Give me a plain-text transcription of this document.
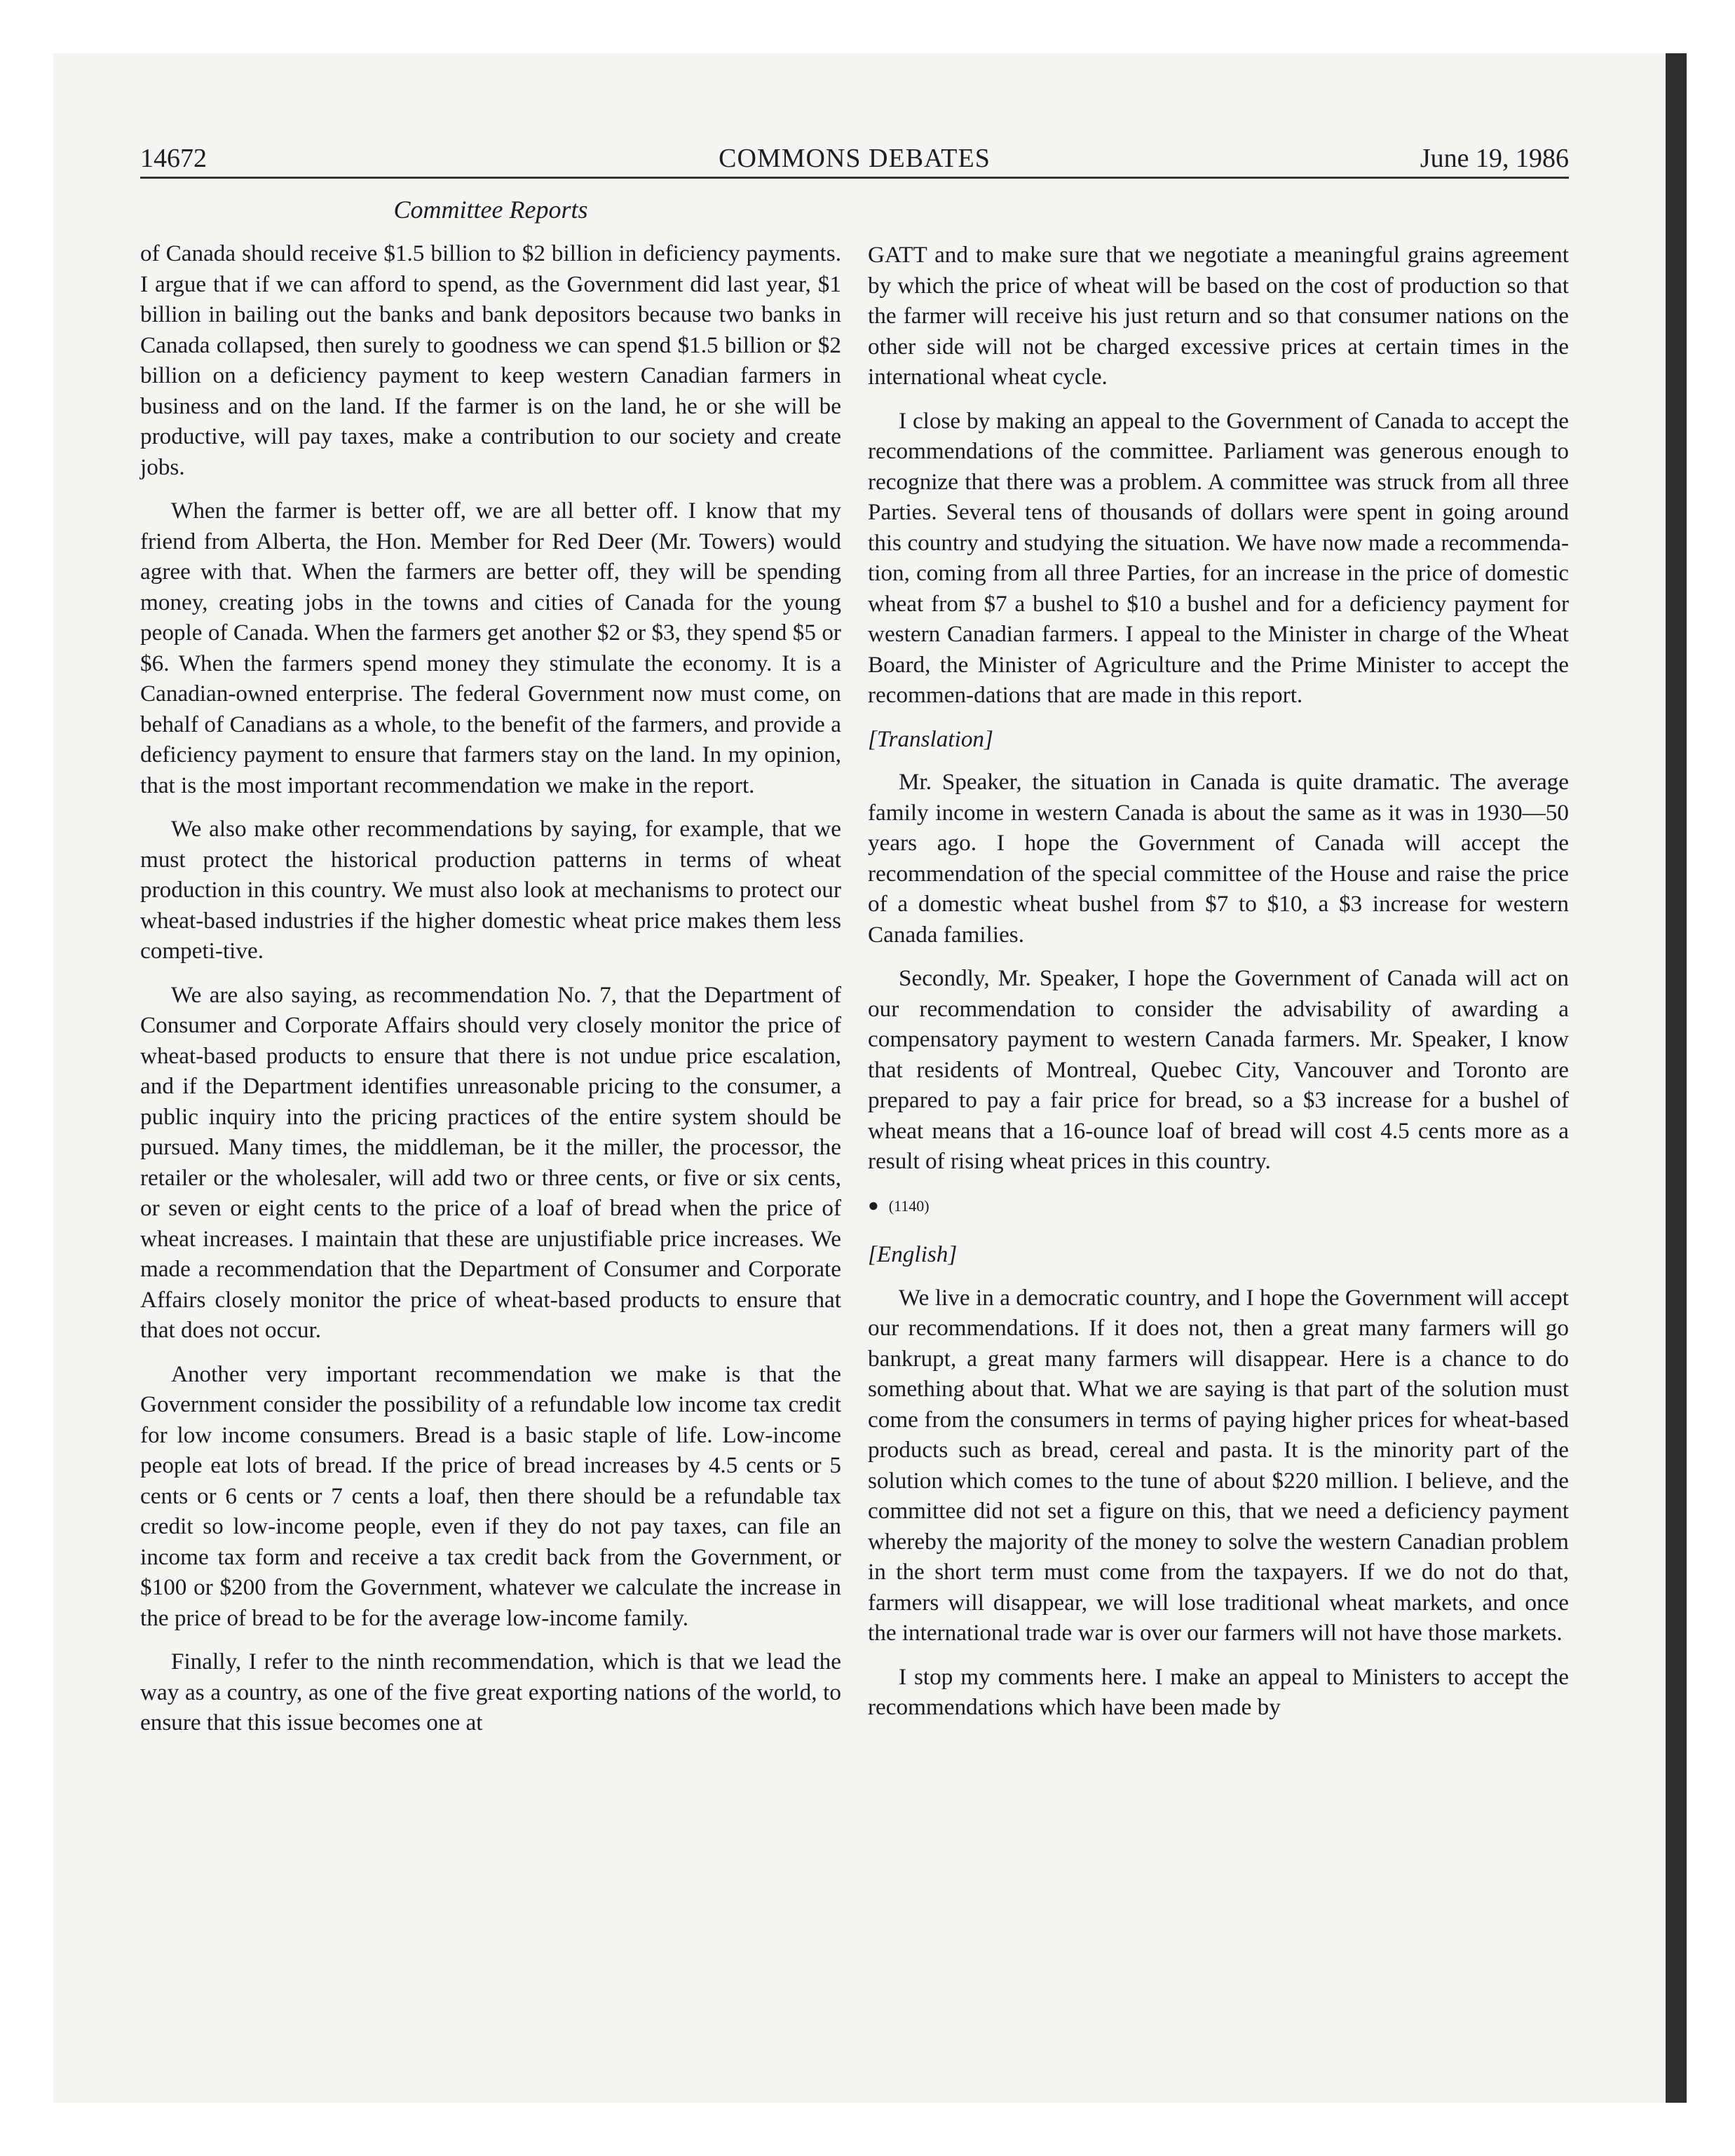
COMMONS DEBATES
14672	June 19, 1986
Committee Reports

of Canada should receive $1.5 billion to $2 billion in deficiency payments. I argue that if we can afford to spend, as the Government did last year, $1 billion in bailing out the banks and bank depositors because two banks in Canada collapsed, then surely to goodness we can spend $1.5 billion or $2 billion on a deficiency payment to keep western Canadian farmers in business and on the land. If the farmer is on the land, he or she will be productive, will pay taxes, make a contribution to our society and create jobs.

When the farmer is better off, we are all better off. I know that my friend from Alberta, the Hon. Member for Red Deer (Mr. Towers) would agree with that. When the farmers are better off, they will be spending money, creating jobs in the towns and cities of Canada for the young people of Canada. When the farmers get another $2 or $3, they spend $5 or $6. When the farmers spend money they stimulate the economy. It is a Canadian-owned enterprise. The federal Government now must come, on behalf of Canadians as a whole, to the benefit of the farmers, and provide a deficiency payment to ensure that farmers stay on the land. In my opinion, that is the most important recommendation we make in the report.

We also make other recommendations by saying, for example, that we must protect the historical production patterns in terms of wheat production in this country. We must also look at mechanisms to protect our wheat-based industries if the higher domestic wheat price makes them less competi-tive.

We are also saying, as recommendation No. 7, that the Department of Consumer and Corporate Affairs should very closely monitor the price of wheat-based products to ensure that there is not undue price escalation, and if the Department identifies unreasonable pricing to the consumer, a public inquiry into the pricing practices of the entire system should be pursued. Many times, the middleman, be it the miller, the processor, the retailer or the wholesaler, will add two or three cents, or five or six cents, or seven or eight cents to the price of a loaf of bread when the price of wheat increases. I maintain that these are unjustifiable price increases. We made a recommendation that the Department of Consumer and Corporate Affairs closely monitor the price of wheat-based products to ensure that that does not occur.

Another very important recommendation we make is that the Government consider the possibility of a refundable low income tax credit for low income consumers. Bread is a basic staple of life. Low-income people eat lots of bread. If the price of bread increases by 4.5 cents or 5 cents or 6 cents or 7 cents a loaf, then there should be a refundable tax credit so low-income people, even if they do not pay taxes, can file an income tax form and receive a tax credit back from the Government, or $100 or $200 from the Government, whatever we calculate the increase in the price of bread to be for the average low-income family.

Finally, I refer to the ninth recommendation, which is that we lead the way as a country, as one of the five great exporting nations of the world, to ensure that this issue becomes one at

GATT and to make sure that we negotiate a meaningful grains agreement by which the price of wheat will be based on the cost of production so that the farmer will receive his just return and so that consumer nations on the other side will not be charged excessive prices at certain times in the international wheat cycle.

I close by making an appeal to the Government of Canada to accept the recommendations of the committee. Parliament was generous enough to recognize that there was a problem. A committee was struck from all three Parties. Several tens of thousands of dollars were spent in going around this country and studying the situation. We have now made a recommenda-tion, coming from all three Parties, for an increase in the price of domestic wheat from $7 a bushel to $10 a bushel and for a deficiency payment for western Canadian farmers. I appeal to the Minister in charge of the Wheat Board, the Minister of Agriculture and the Prime Minister to accept the recommen-dations that are made in this report.

[Translation]

Mr. Speaker, the situation in Canada is quite dramatic. The average family income in western Canada is about the same as it was in 1930—50 years ago. I hope the Government of Canada will accept the recommendation of the special committee of the House and raise the price of a domestic wheat bushel from $7 to $10, a $3 increase for western Canada families.

Secondly, Mr. Speaker, I hope the Government of Canada will act on our recommendation to consider the advisability of awarding a compensatory payment to western Canada farmers. Mr. Speaker, I know that residents of Montreal, Quebec City, Vancouver and Toronto are prepared to pay a fair price for bread, so a $3 increase for a bushel of wheat means that a 16-ounce loaf of bread will cost 4.5 cents more as a result of rising wheat prices in this country.

● (1140)

[English]

We live in a democratic country, and I hope the Government will accept our recommendations. If it does not, then a great many farmers will go bankrupt, a great many farmers will disappear. Here is a chance to do something about that. What we are saying is that part of the solution must come from the consumers in terms of paying higher prices for wheat-based products such as bread, cereal and pasta. It is the minority part of the solution which comes to the tune of about $220 million. I believe, and the committee did not set a figure on this, that we need a deficiency payment whereby the majority of the money to solve the western Canadian problem in the short term must come from the taxpayers. If we do not do that, farmers will disappear, we will lose traditional wheat markets, and once the international trade war is over our farmers will not have those markets.

I stop my comments here. I make an appeal to Ministers to accept the recommendations which have been made by
